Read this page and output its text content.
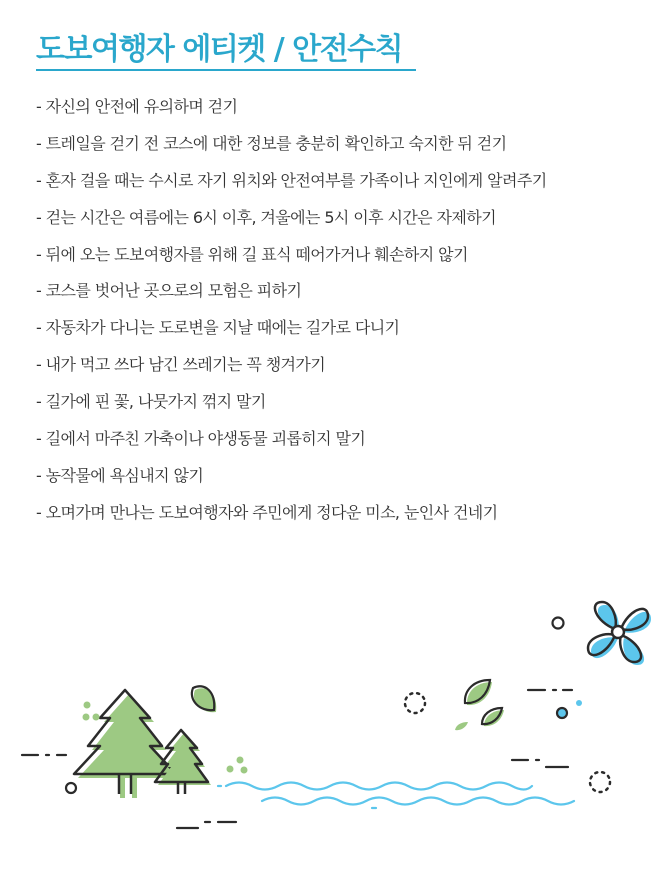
도보여행자 에티켓 / 안전수칙
- 자신의 안전에 유의하며 걷기
- 트레일을 걷기 전 코스에 대한 정보를 충분히 확인하고 숙지한 뒤 걷기
- 혼자 걸을 때는 수시로 자기 위치와 안전여부를 가족이나 지인에게 알려주기
- 걷는 시간은 여름에는 6시 이후, 겨울에는 5시 이후 시간은 자제하기
- 뒤에 오는 도보여행자를 위해 길 표식 떼어가거나 훼손하지 않기
- 코스를 벗어난 곳으로의 모험은 피하기
- 자동차가 다니는 도로변을 지날 때에는 길가로 다니기
- 내가 먹고 쓰다 남긴 쓰레기는 꼭 챙겨가기
- 길가에 핀 꽃, 나뭇가지 꺾지 말기
- 길에서 마주친 가축이나 야생동물 괴롭히지 말기
- 농작물에 욕심내지 않기
- 오며가며 만나는 도보여행자와 주민에게 정다운 미소, 눈인사 건네기
